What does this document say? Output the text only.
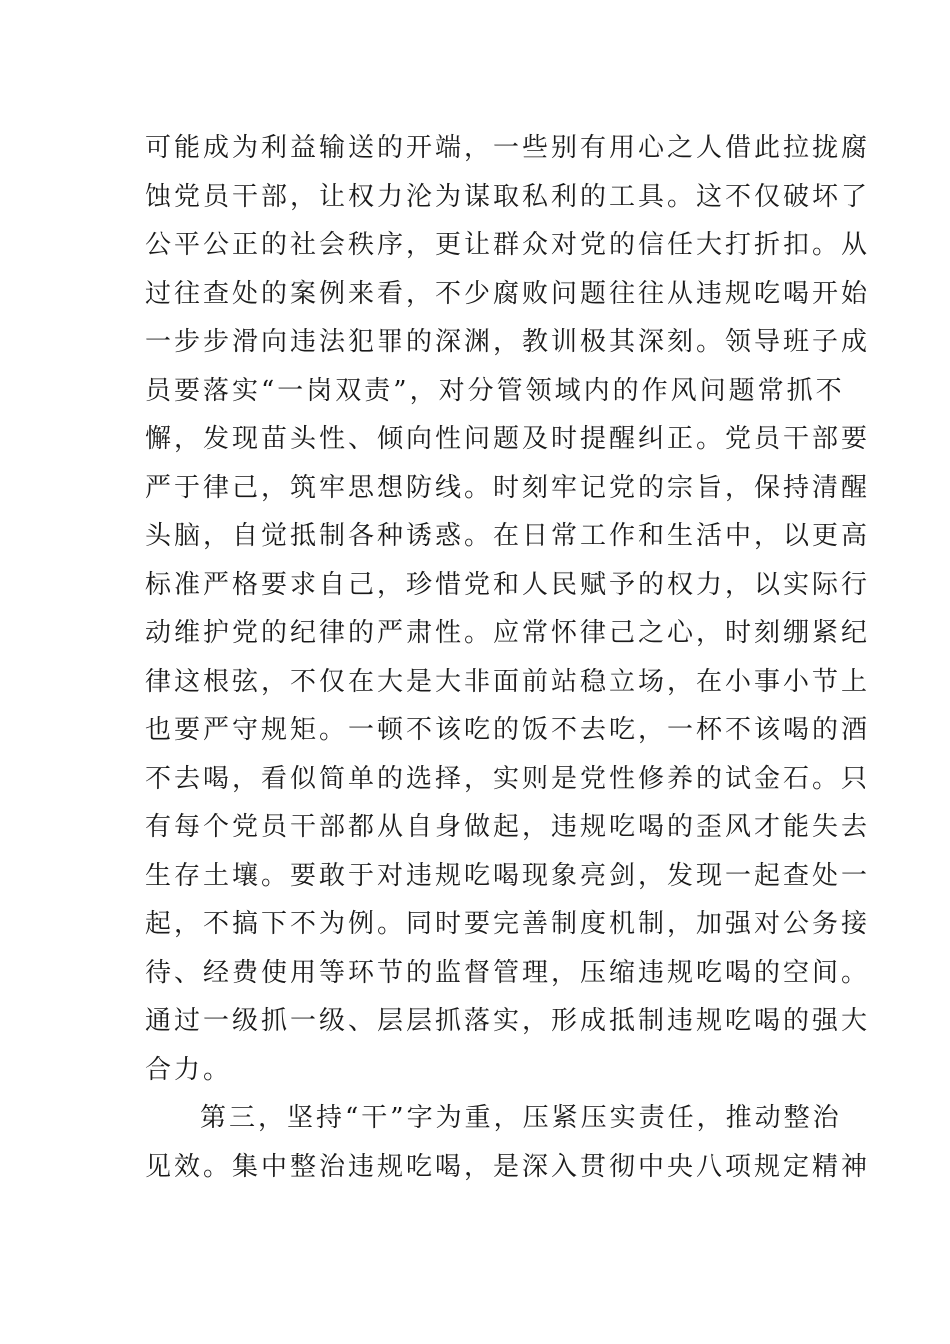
可能成为利益输送的开端，一些别有用心之人借此拉拢腐

蚀党员干部，让权力沦为谋取私利的工具。这不仅破坏了

公平公正的社会秩序，更让群众对党的信任大打折扣。从

过往查处的案例来看，不少腐败问题往往从违规吃喝开始

一步步滑向违法犯罪的深渊，教训极其深刻。领导班子成

员要落实“一岗双责”，对分管领域内的作风问题常抓不

懈，发现苗头性、倾向性问题及时提醒纠正。党员干部要

严于律己，筑牢思想防线。时刻牢记党的宗旨，保持清醒

头脑，自觉抵制各种诱惑。在日常工作和生活中，以更高

标准严格要求自己，珍惜党和人民赋予的权力，以实际行

动维护党的纪律的严肃性。应常怀律己之心，时刻绷紧纪

律这根弦，不仅在大是大非面前站稳立场，在小事小节上

也要严守规矩。一顿不该吃的饭不去吃，一杯不该喝的酒

不去喝，看似简单的选择，实则是党性修养的试金石。只

有每个党员干部都从自身做起，违规吃喝的歪风才能失去

生存土壤。要敢于对违规吃喝现象亮剑，发现一起查处一

起，不搞下不为例。同时要完善制度机制，加强对公务接

待、经费使用等环节的监督管理，压缩违规吃喝的空间。

通过一级抓一级、层层抓落实，形成抵制违规吃喝的强大

合力。

第三，坚持“干”字为重，压紧压实责任，推动整治

见效。集中整治违规吃喝，是深入贯彻中央八项规定精神
